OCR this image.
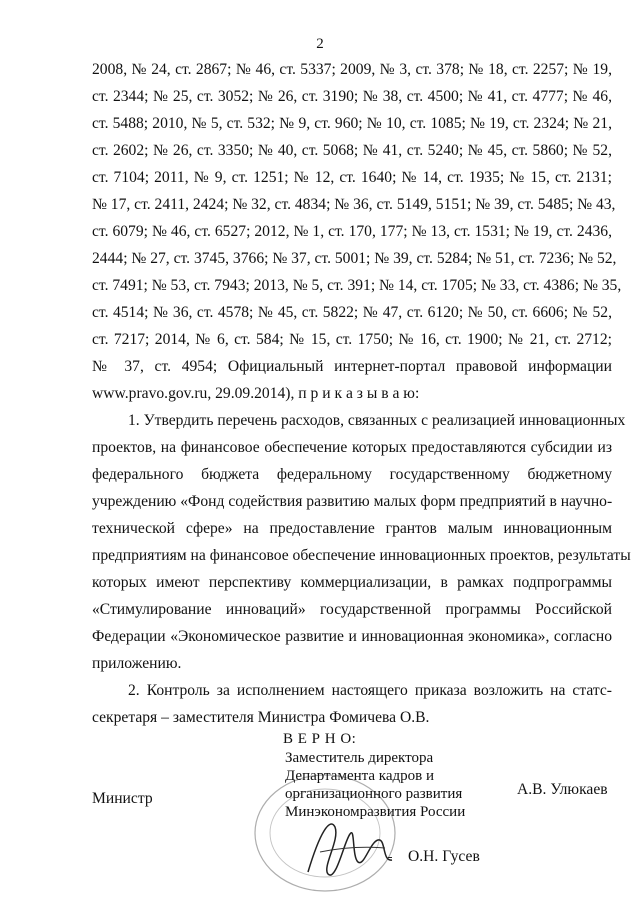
2
2008, № 24, ст. 2867; № 46, ст. 5337; 2009, № 3, ст. 378; № 18, ст. 2257; № 19,
ст. 2344; № 25, ст. 3052; № 26, ст. 3190; № 38, ст. 4500; № 41, ст. 4777; № 46,
ст. 5488; 2010, № 5, ст. 532; № 9, ст. 960; № 10, ст. 1085; № 19, ст. 2324; № 21,
ст. 2602; № 26, ст. 3350; № 40, ст. 5068; № 41, ст. 5240; № 45, ст. 5860; № 52,
ст. 7104; 2011, № 9, ст. 1251; № 12, ст. 1640; № 14, ст. 1935; № 15, ст. 2131;
№ 17, ст. 2411, 2424; № 32, ст. 4834; № 36, ст. 5149, 5151; № 39, ст. 5485; № 43,
ст. 6079; № 46, ст. 6527; 2012, № 1, ст. 170, 177; № 13, ст. 1531; № 19, ст. 2436,
2444; № 27, ст. 3745, 3766; № 37, ст. 5001; № 39, ст. 5284; № 51, ст. 7236; № 52,
ст. 7491; № 53, ст. 7943; 2013, № 5, ст. 391; № 14, ст. 1705; № 33, ст. 4386; № 35,
ст. 4514; № 36, ст. 4578; № 45, ст. 5822; № 47, ст. 6120; № 50, ст. 6606; № 52,
ст. 7217; 2014, № 6, ст. 584; № 15, ст. 1750; № 16, ст. 1900; № 21, ст. 2712;
№ 37, ст. 4954; Официальный интернет-портал правовой информации
www.pravo.gov.ru, 29.09.2014), п р и к а з ы в а ю:
1. Утвердить перечень расходов, связанных с реализацией инновационных
проектов, на финансовое обеспечение которых предоставляются субсидии из
федерального бюджета федеральному государственному бюджетному
учреждению «Фонд содействия развитию малых форм предприятий в научно-
технической сфере» на предоставление грантов малым инновационным
предприятиям на финансовое обеспечение инновационных проектов, результаты
которых имеют перспективу коммерциализации, в рамках подпрограммы
«Стимулирование инноваций» государственной программы Российской
Федерации «Экономическое развитие и инновационная экономика», согласно
приложению.
2. Контроль за исполнением настоящего приказа возложить на статс-
секретаря – заместителя Министра Фомичева О.В.
Министр
А.В. Улюкаев
В Е Р Н О:
Заместитель директора
Департамента кадров и
организационного развития
Минэкономразвития России
О.Н. Гусев
